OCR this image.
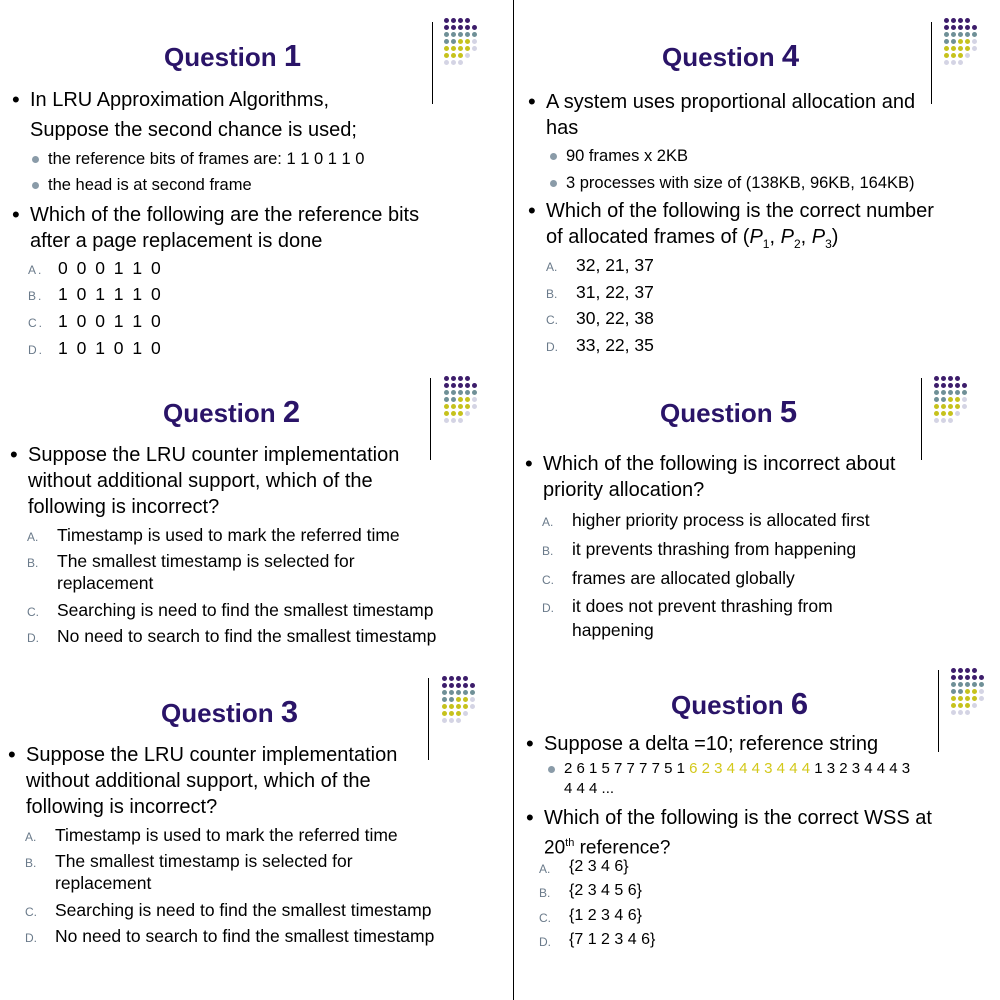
Question 1
• In LRU Approximation Algorithms,
Suppose the second chance is used;
the reference bits of frames are: 1 1 0 1 1 0
the head is at second frame
• Which of the following are the reference bits
after a page replacement is done
A. 0 0 0 1 1 0
B. 1 0 1 1 1 0
C. 1 0 0 1 1 0
D. 1 0 1 0 1 0
Question 2
• Suppose the LRU counter implementation
without additional support, which of the
following is incorrect?
A. Timestamp is used to mark the referred time
B. The smallest timestamp is selected for
replacement
C. Searching is need to find the smallest timestamp
D. No need to search to find the smallest timestamp
Question 3
• Suppose the LRU counter implementation
without additional support, which of the
following is incorrect?
A. Timestamp is used to mark the referred time
B. The smallest timestamp is selected for
replacement
C. Searching is need to find the smallest timestamp
D. No need to search to find the smallest timestamp
Question 4
• A system uses proportional allocation and
has
90 frames x 2KB
3 processes with size of (138KB, 96KB, 164KB)
• Which of the following is the correct number
of allocated frames of ($P_1$, $P_2$, $P_3$)
A. 32, 21, 37
B. 31, 22, 37
C. 30, 22, 38
D. 33, 22, 35
Question 5
• Which of the following is incorrect about
priority allocation?
A. higher priority process is allocated first
B. it prevents thrashing from happening
C. frames are allocated globally
D. it does not prevent thrashing from
happening
Question 6
• Suppose a delta =10; reference string
2 6 1 5 7 7 7 7 5 1 6 2 3 4 4 4 3 4 4 4 1 3 2 3 4 4 4 3
4 4 4 ...
• Which of the following is the correct WSS at
20th reference?
A. {2 3 4 6}
B. {2 3 4 5 6}
C. {1 2 3 4 6}
D. {7 1 2 3 4 6}
